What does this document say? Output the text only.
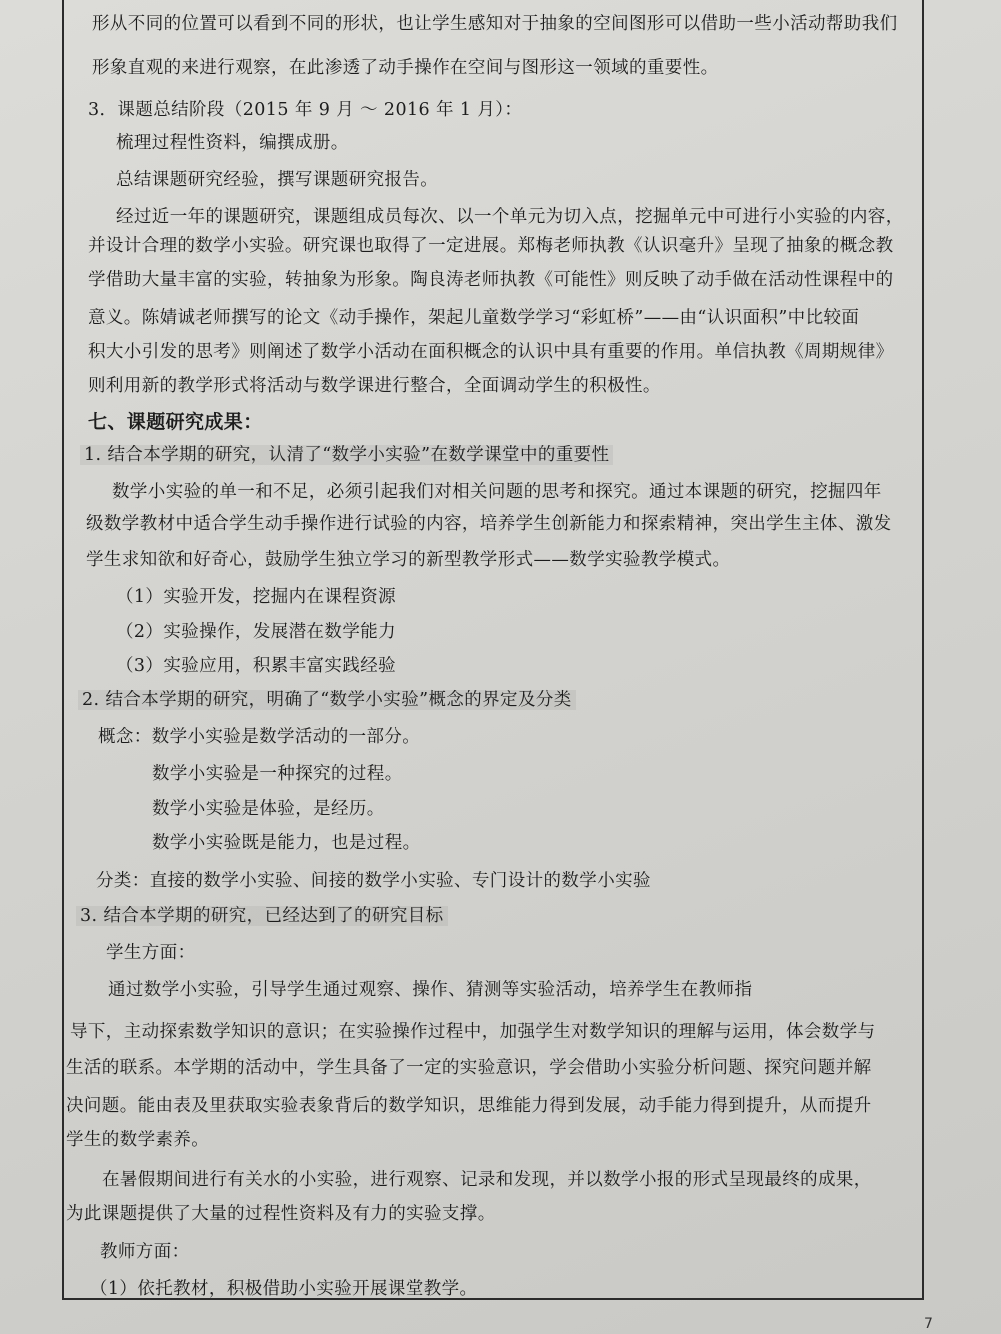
形从不同的位置可以看到不同的形状，也让学生感知对于抽象的空间图形可以借助一些小活动帮助我们
形象直观的来进行观察，在此渗透了动手操作在空间与图形这一领域的重要性。
3．课题总结阶段（2015 年 9 月 ～ 2016 年 1 月）：
梳理过程性资料，编撰成册。
总结课题研究经验，撰写课题研究报告。
经过近一年的课题研究，课题组成员每次、以一个单元为切入点，挖掘单元中可进行小实验的内容，
并设计合理的数学小实验。研究课也取得了一定进展。郑梅老师执教《认识毫升》呈现了抽象的概念教
学借助大量丰富的实验，转抽象为形象。陶良涛老师执教《可能性》则反映了动手做在活动性课程中的
意义。陈婧诚老师撰写的论文《动手操作，架起儿童数学学习“彩虹桥”——由“认识面积”中比较面
积大小引发的思考》则阐述了数学小活动在面积概念的认识中具有重要的作用。单信执教《周期规律》
则利用新的教学形式将活动与数学课进行整合，全面调动学生的积极性。
七、课题研究成果：
1. 结合本学期的研究，认清了“数学小实验”在数学课堂中的重要性
数学小实验的单一和不足，必须引起我们对相关问题的思考和探究。通过本课题的研究，挖掘四年
级数学教材中适合学生动手操作进行试验的内容，培养学生创新能力和探索精神，突出学生主体、激发
学生求知欲和好奇心，鼓励学生独立学习的新型教学形式——数学实验教学模式。
（1）实验开发，挖掘内在课程资源
（2）实验操作，发展潜在数学能力
（3）实验应用，积累丰富实践经验
2. 结合本学期的研究，明确了“数学小实验”概念的界定及分类
概念：数学小实验是数学活动的一部分。
数学小实验是一种探究的过程。
数学小实验是体验，是经历。
数学小实验既是能力，也是过程。
分类：直接的数学小实验、间接的数学小实验、专门设计的数学小实验
3. 结合本学期的研究，已经达到了的研究目标
学生方面：
通过数学小实验，引导学生通过观察、操作、猜测等实验活动，培养学生在教师指
导下，主动探索数学知识的意识；在实验操作过程中，加强学生对数学知识的理解与运用，体会数学与
生活的联系。本学期的活动中，学生具备了一定的实验意识，学会借助小实验分析问题、探究问题并解
决问题。能由表及里获取实验表象背后的数学知识，思维能力得到发展，动手能力得到提升，从而提升
学生的数学素养。
在暑假期间进行有关水的小实验，进行观察、记录和发现，并以数学小报的形式呈现最终的成果，
为此课题提供了大量的过程性资料及有力的实验支撑。
教师方面：
（1）依托教材，积极借助小实验开展课堂教学。
7
